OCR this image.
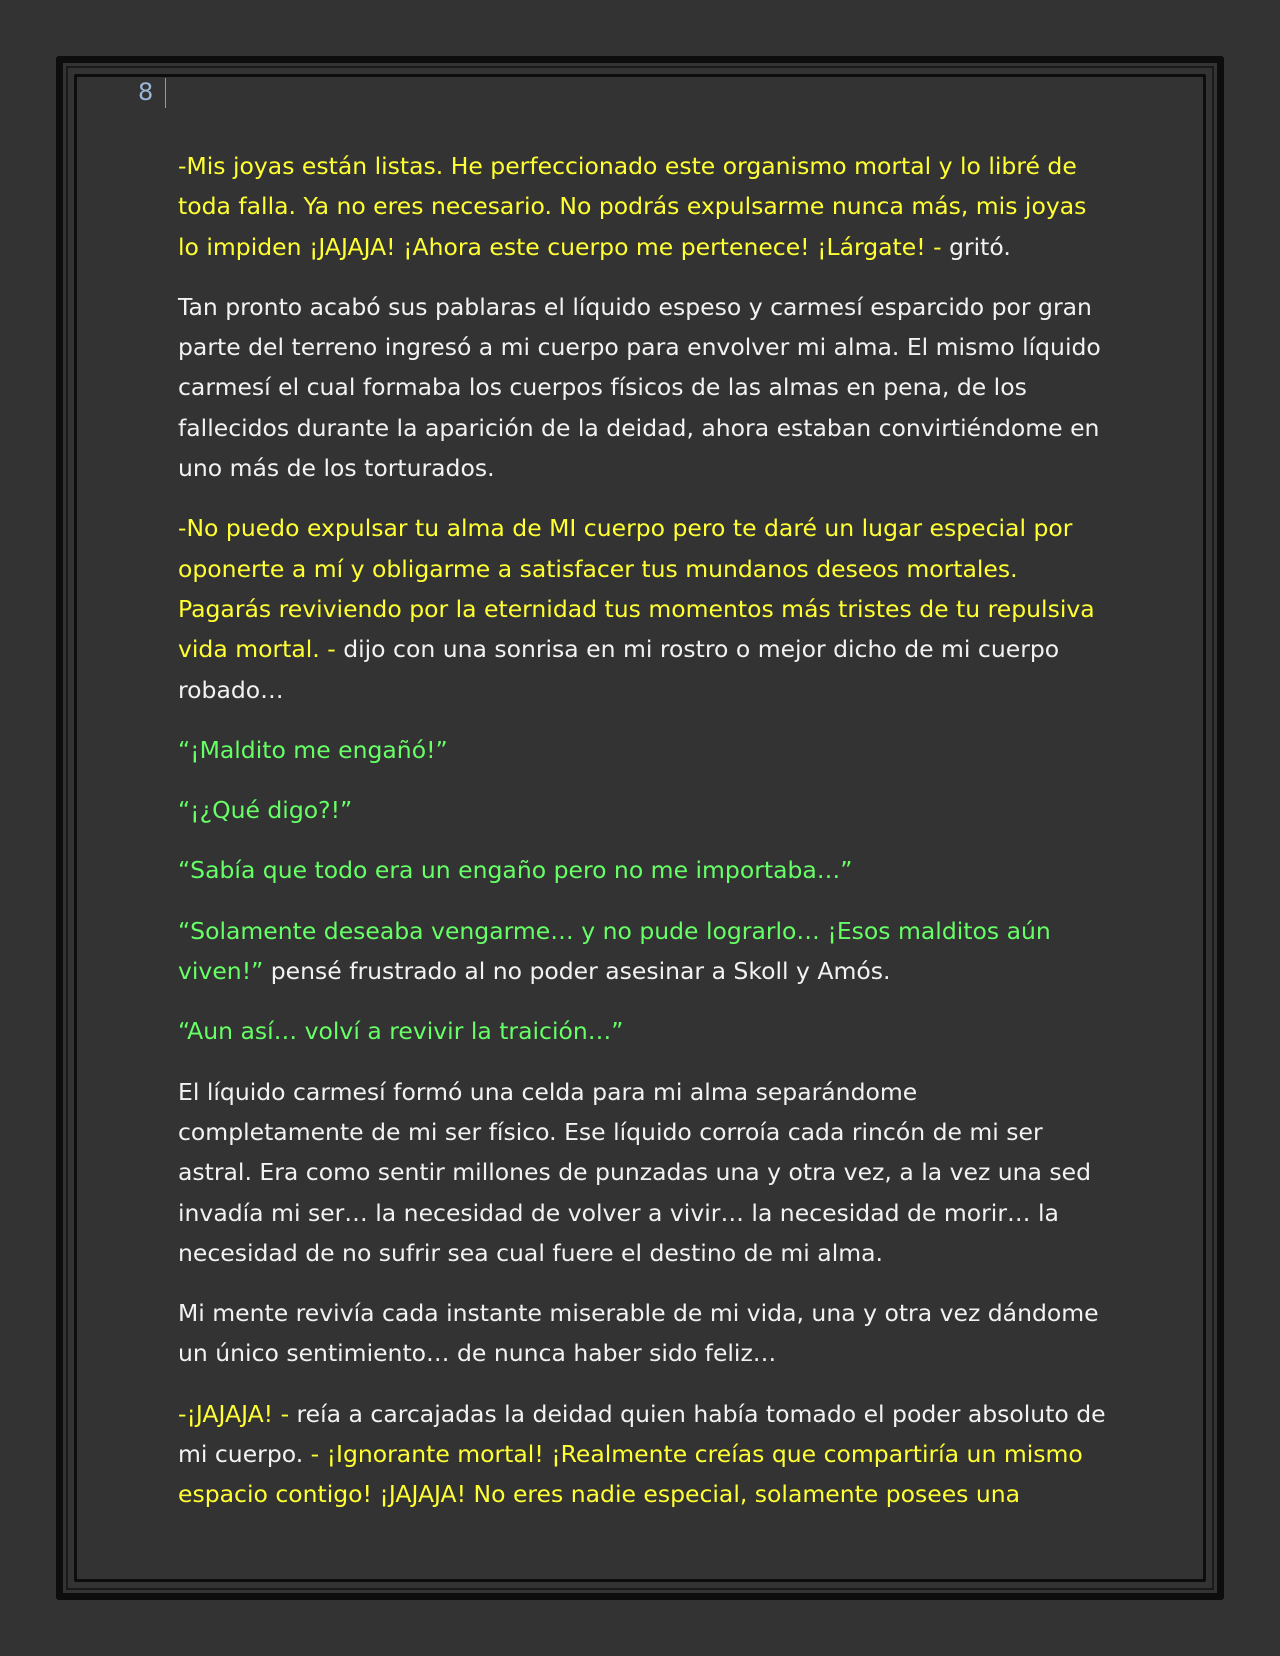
8

-Mis joyas están listas. He perfeccionado este organismo mortal y lo libré de toda falla. Ya no eres necesario. No podrás expulsarme nunca más, mis joyas lo impiden ¡JAJAJA! ¡Ahora este cuerpo me pertenece! ¡Lárgate! - gritó.

Tan pronto acabó sus pablaras el líquido espeso y carmesí esparcido por gran parte del terreno ingresó a mi cuerpo para envolver mi alma. El mismo líquido carmesí el cual formaba los cuerpos físicos de las almas en pena, de los fallecidos durante la aparición de la deidad, ahora estaban convirtiéndome en uno más de los torturados.

-No puedo expulsar tu alma de MI cuerpo pero te daré un lugar especial por oponerte a mí y obligarme a satisfacer tus mundanos deseos mortales. Pagarás reviviendo por la eternidad tus momentos más tristes de tu repulsiva vida mortal. - dijo con una sonrisa en mi rostro o mejor dicho de mi cuerpo robado…

“¡Maldito me engañó!”

“¡¿Qué digo?!”

“Sabía que todo era un engaño pero no me importaba…”

“Solamente deseaba vengarme… y no pude lograrlo… ¡Esos malditos aún viven!” pensé frustrado al no poder asesinar a Skoll y Amós.

“Aun así… volví a revivir la traición…”

El líquido carmesí formó una celda para mi alma separándome completamente de mi ser físico. Ese líquido corroía cada rincón de mi ser astral. Era como sentir millones de punzadas una y otra vez, a la vez una sed invadía mi ser… la necesidad de volver a vivir… la necesidad de morir… la necesidad de no sufrir sea cual fuere el destino de mi alma.

Mi mente revivía cada instante miserable de mi vida, una y otra vez dándome un único sentimiento… de nunca haber sido feliz…

-¡JAJAJA! - reía a carcajadas la deidad quien había tomado el poder absoluto de mi cuerpo. - ¡Ignorante mortal! ¡Realmente creías que compartiría un mismo espacio contigo! ¡JAJAJA! No eres nadie especial, solamente posees una
